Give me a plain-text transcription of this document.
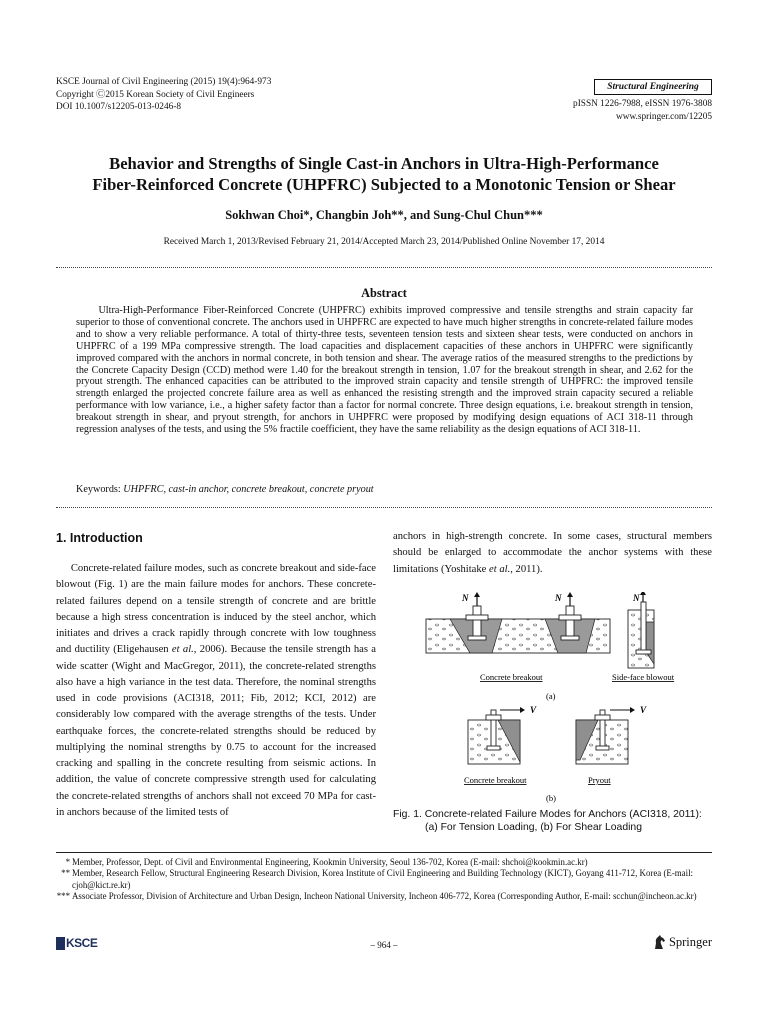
KSCE Journal of Civil Engineering (2015) 19(4):964-973
Copyright Ⓒ2015 Korean Society of Civil Engineers
DOI 10.1007/s12205-013-0246-8
Structural Engineering
pISSN 1226-7988, eISSN 1976-3808
www.springer.com/12205
Behavior and Strengths of Single Cast-in Anchors in Ultra-High-Performance
Fiber-Reinforced Concrete (UHPFRC) Subjected to a Monotonic Tension or Shear
Sokhwan Choi*, Changbin Joh**, and Sung-Chul Chun***
Received March 1, 2013/Revised February 21, 2014/Accepted March 23, 2014/Published Online November 17, 2014
Abstract
Ultra-High-Performance Fiber-Reinforced Concrete (UHPFRC) exhibits improved compressive and tensile strengths and strain capacity far superior to those of conventional concrete. The anchors used in UHPFRC are expected to have much higher strengths in concrete-related failure modes and to show a very reliable performance. A total of thirty-three tests, seventeen tension tests and sixteen shear tests, were conducted on anchors in UHPFRC of a 199 MPa compressive strength. The load capacities and displacement capacities of these anchors in UHPFRC were significantly improved compared with the anchors in normal concrete, in both tension and shear. The average ratios of the measured strengths to the predictions by the Concrete Capacity Design (CCD) method were 1.40 for the breakout strength in tension, 1.07 for the breakout strength in shear, and 2.62 for the pryout strength. The enhanced capacities can be attributed to the improved strain capacity and tensile strength of UHPFRC: the improved tensile strength enlarged the projected concrete failure area as well as enhanced the resisting strength and the improved strain capacity secured a reliable performance with low variance, i.e., a higher safety factor than a factor for normal concrete. Three design equations, i.e. breakout strength in tension, breakout strength in shear, and pryout strength, for anchors in UHPFRC were proposed by modifying design equations of ACI 318-11 through regression analyses of the tests, and using the 5% fractile coefficient, they have the same reliability as the design equations of ACI 318-11.
Keywords: UHPFRC, cast-in anchor, concrete breakout, concrete pryout
1. Introduction

Concrete-related failure modes, such as concrete breakout and side-face blowout (Fig. 1) are the main failure modes for anchors. These concrete-related failures depend on a tensile strength of concrete and are brittle because a high stress concentration is induced by the steel anchor, which initiates and drives a crack rapidly through concrete with low toughness and ductility (Eligehausen et al., 2006). Because the tensile strength has a wide scatter (Wight and MacGregor, 2011), the concrete-related strengths also have a high variance in the test data. Therefore, the nominal strengths used in code provisions (ACI318, 2011; Fib, 2012; KCI, 2012) are considerably low compared with the average strengths of the tests. Under earthquake forces, the concrete-related strengths should be reduced by multiplying the nominal strengths by 0.75 to account for the increased cracking and spalling in the concrete resulting from seismic actions. In addition, the value of concrete compressive strength used for calculating the concrete-related strengths of anchors shall not exceed 70 MPa for cast-in anchors because of the limited tests of

anchors in high-strength concrete. In some cases, structural members should be enlarged to accommodate the anchor systems with these limitations (Yoshitake et al., 2011).

N	N	N
Concrete breakout	Side-face blowout
(a)
V	V
Concrete breakout	Pryout
(b)
Fig. 1. Concrete-related Failure Modes for Anchors (ACI318, 2011):
(a) For Tension Loading, (b) For Shear Loading
* Member, Professor, Dept. of Civil and Environmental Engineering, Kookmin University, Seoul 136-702, Korea (E-mail: shchoi@kookmin.ac.kr)
** Member, Research Fellow, Structural Engineering Research Division, Korea Institute of Civil Engineering and Building Technology (KICT), Goyang 411-712, Korea (E-mail: cjoh@kict.re.kr)
*** Associate Professor, Division of Architecture and Urban Design, Incheon National University, Incheon 406-772, Korea (Corresponding Author, E-mail: scchun@incheon.ac.kr)
KSCE	– 964 –	Springer
